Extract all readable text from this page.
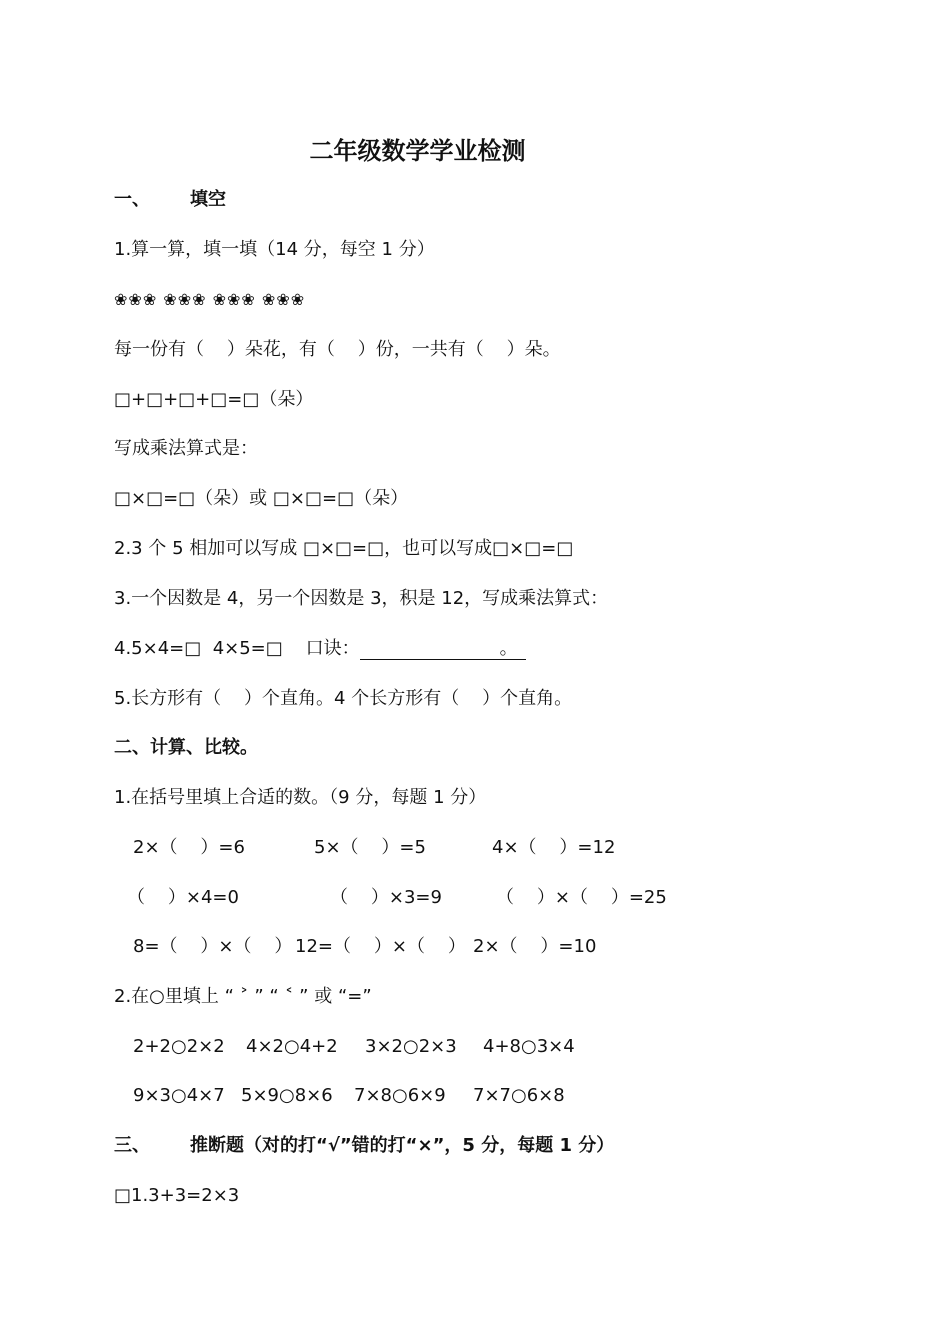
二年级数学学业检测
一、 填空
1.算一算，填一填（14 分，每空 1 分）
❀❀❀ ❀❀❀ ❀❀❀ ❀❀❀
每一份有（    ）朵花，有（    ）份，一共有（    ）朵。
□+□+□+□=□（朵）
写成乘法算式是：
□×□=□（朵）或 □×□=□（朵）
2.3 个 5 相加可以写成 □×□=□，也可以写成□×□=□
3.一个因数是 4，另一个因数是 3，积是 12，写成乘法算式：
4.5×4=□  4×5=□    口诀：	。
5.长方形有（    ）个直角。4 个长方形有（    ）个直角。
二、计算、比较。
1.在括号里填上合适的数。（9 分，每题 1 分）

2×（    ）=6

	5×（    ）=5

	4×（    ）=12

（    ）×4=0

	（    ）×3=9

	（    ）×（    ）=25

8=（    ）×（    ）

12=（    ）×（    ）

2×（    ）=10

2.在○里填上 “ ˃ ” “ ˂ ” 或 “=”

2+2○2×2

4×2○4+2

3×2○2×3

4+8○3×4

9×3○4×7

5×9○8×6

7×8○6×9

7×7○6×8

三、 推断题（对的打“√”错的打“×”，5 分，每题 1 分）
□1.3+3=2×3
